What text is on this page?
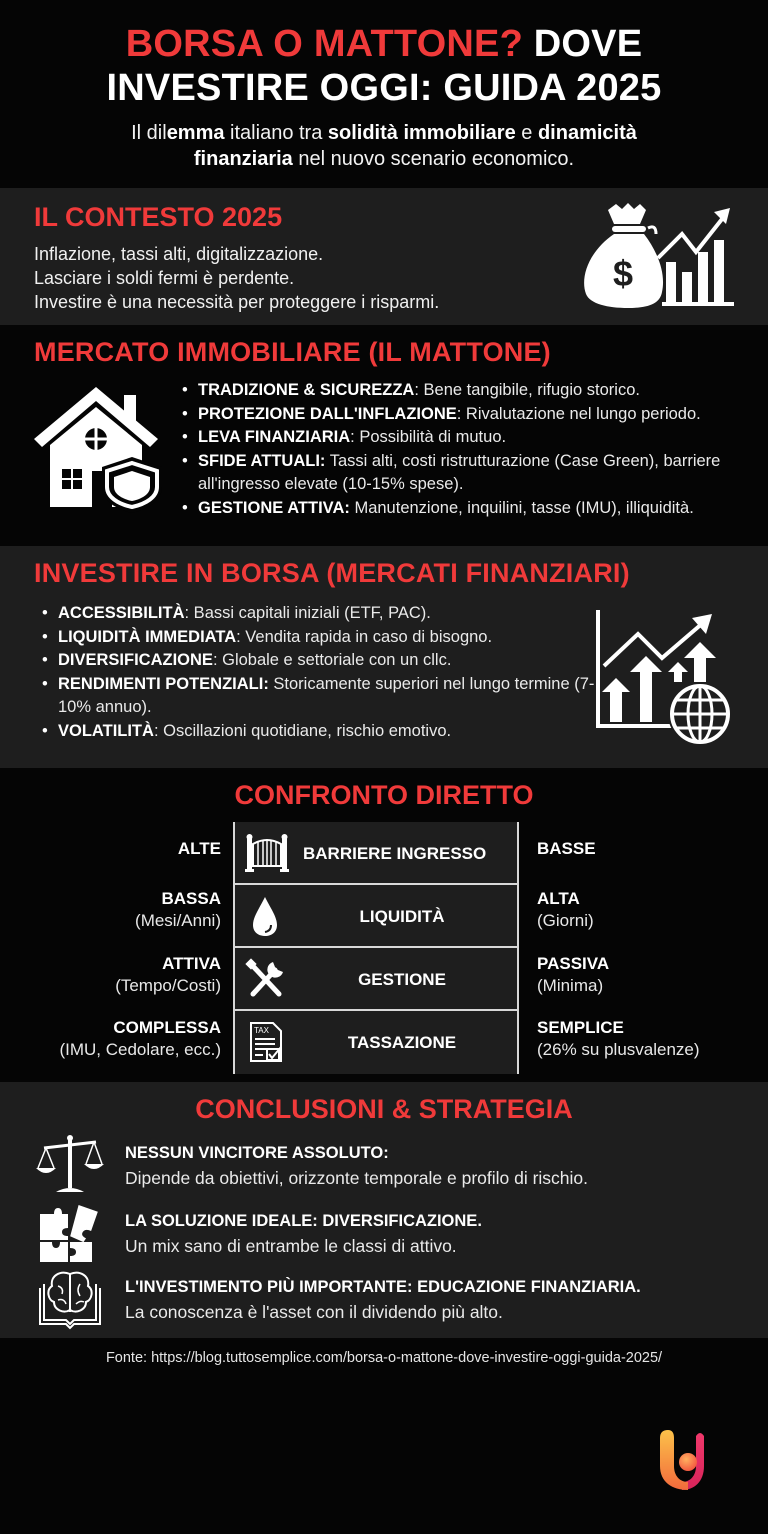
BORSA O MATTONE? DOVE
INVESTIRE OGGI: GUIDA 2025

Il dilemma italiano tra solidità immobiliare e dinamicità
finanziaria nel nuovo scenario economico.

IL CONTESTO 2025
Inflazione, tassi alti, digitalizzazione.
Lasciare i soldi fermi è perdente.
Investire è una necessità per proteggere i risparmi.
$
MERCATO IMMOBILIARE (IL MATTONE)
• TRADIZIONE & SICUREZZA: Bene tangibile, rifugio storico.
• PROTEZIONE DALL'INFLAZIONE: Rivalutazione nel lungo periodo.
• LEVA FINANZIARIA: Possibilità di mutuo.
• SFIDE ATTUALI: Tassi alti, costi ristrutturazione (Case Green), barriere all'ingresso elevate (10-15% spese).
• GESTIONE ATTIVA: Manutenzione, inquilini, tasse (IMU), illiquidità.
INVESTIRE IN BORSA (MERCATI FINANZIARI)
• ACCESSIBILITÀ: Bassi capitali iniziali (ETF, PAC).
• LIQUIDITÀ IMMEDIATA: Vendita rapida in caso di bisogno.
• DIVERSIFICAZIONE: Globale e settoriale con un cllc.
• RENDIMENTI POTENZIALI: Storicamente superiori nel lungo termine (7-10% annuo).
• VOLATILITÀ: Oscillazioni quotidiane, rischio emotivo.
CONFRONTO DIRETTO
BARRIERE INGRESSO
LIQUIDITÀ
GESTIONE
TAX
TASSAZIONE
ALTE
BASSA
(Mesi/Anni)
ATTIVA
(Tempo/Costi)
COMPLESSA
(IMU, Cedolare, ecc.)
BASSE
ALTA
(Giorni)
PASSIVA
(Minima)
SEMPLICE
(26% su plusvalenze)
CONCLUSIONI & STRATEGIA
NESSUN VINCITORE ASSOLUTO:
Dipende da obiettivi, orizzonte temporale e profilo di rischio.
LA SOLUZIONE IDEALE: DIVERSIFICAZIONE.
Un mix sano di entrambe le classi di attivo.
L'INVESTIMENTO PIÙ IMPORTANTE: EDUCAZIONE FINANZIARIA.
La conoscenza è l'asset con il dividendo più alto.
Fonte: https://blog.tuttosemplice.com/borsa-o-mattone-dove-investire-oggi-guida-2025/
